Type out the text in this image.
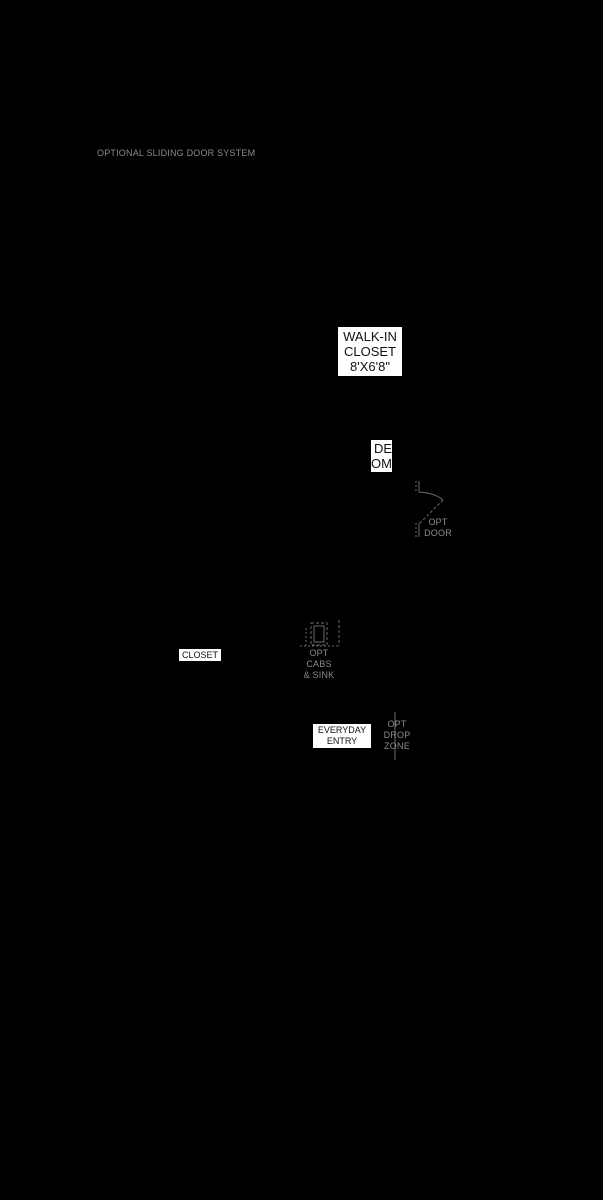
OPTIONAL SLIDING DOOR SYSTEM
WALK-IN
CLOSET
8'X6'8"
DE
OM
OPT
DOOR
CLOSET	OPT
CABS
& SINK
EVERYDAY
ENTRY
OPT
DROP
ZONE
